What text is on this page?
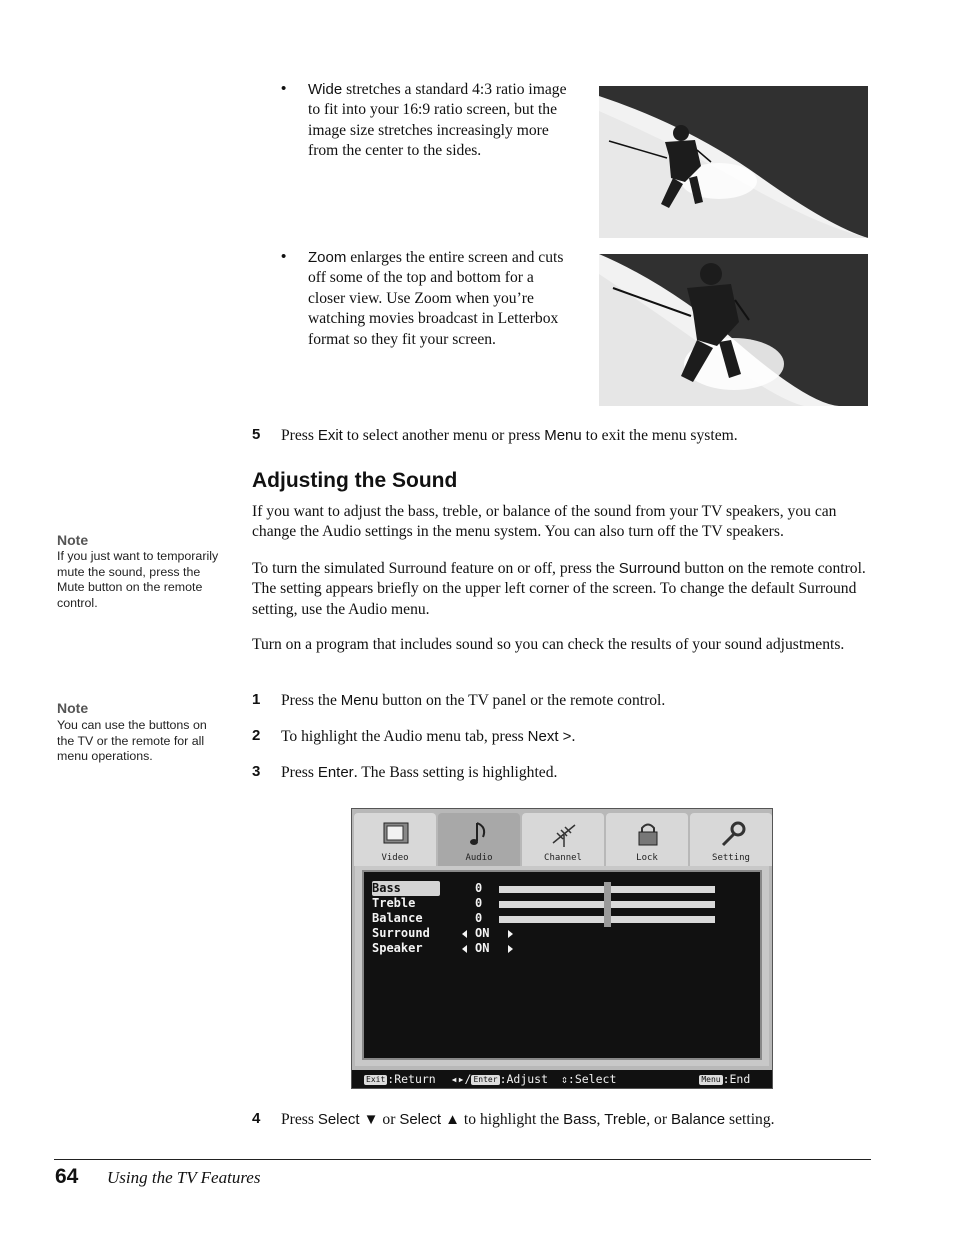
• Wide stretches a standard 4:3 ratio image to fit into your 16:9 ratio screen, but the image size stretches increasingly more from the center to the sides.
• Zoom enlarges the entire screen and cuts off some of the top and bottom for a closer view. Use Zoom when you’re watching movies broadcast in Letterbox format so they fit your screen.
5 Press Exit to select another menu or press Menu to exit the menu system.
Adjusting the Sound
If you want to adjust the bass, treble, or balance of the sound from your TV speakers, you can change the Audio settings in the menu system. You can also turn off the TV speakers.
To turn the simulated Surround feature on or off, press the Surround button on the remote control. The setting appears briefly on the upper left corner of the screen. To change the default Surround setting, use the Audio menu.
Turn on a program that includes sound so you can check the results of your sound adjustments.
1 Press the Menu button on the TV panel or the remote control.
2 To highlight the Audio menu tab, press Next >.
3 Press Enter. The Bass setting is highlighted.
Note
If you just want to temporarily mute the sound, press the Mute button on the remote control.
Note
You can use the buttons on the TV or the remote for all menu operations.
Video	Audio	Channel	Lock	Setting
Bass	0
Treble	0
Balance	0
Surround	ON
Speaker	ON
Exit :Return ◂▸/ Enter :Adjust ⇕:Select	Menu :End
4 Press Select ▼ or Select ▲ to highlight the Bass, Treble, or Balance setting.
64 Using the TV Features
